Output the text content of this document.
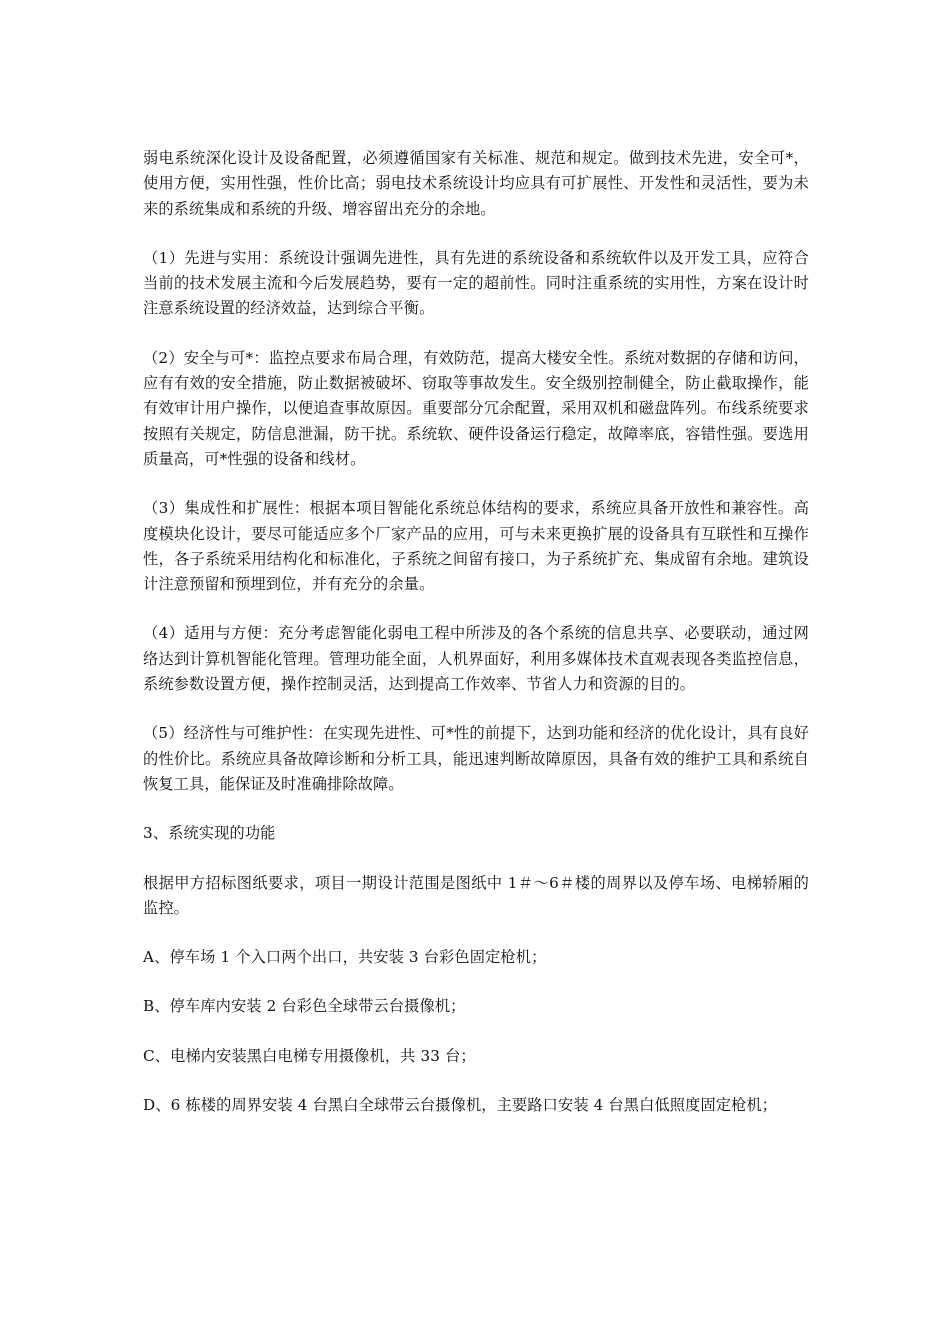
弱电系统深化设计及设备配置，必须遵循国家有关标准、规范和规定。做到技术先进，安全可*，使用方便，实用性强，性价比高；弱电技术系统设计均应具有可扩展性、开发性和灵活性，要为未来的系统集成和系统的升级、增容留出充分的余地。

（1）先进与实用：系统设计强调先进性，具有先进的系统设备和系统软件以及开发工具，应符合当前的技术发展主流和今后发展趋势，要有一定的超前性。同时注重系统的实用性，方案在设计时注意系统设置的经济效益，达到综合平衡。

（2）安全与可*：监控点要求布局合理，有效防范，提高大楼安全性。系统对数据的存储和访问，应有有效的安全措施，防止数据被破坏、窃取等事故发生。安全级别控制健全，防止截取操作，能有效审计用户操作，以便追查事故原因。重要部分冗余配置，采用双机和磁盘阵列。布线系统要求按照有关规定，防信息泄漏，防干扰。系统软、硬件设备运行稳定，故障率底，容错性强。要选用质量高，可*性强的设备和线材。

（3）集成性和扩展性：根据本项目智能化系统总体结构的要求，系统应具备开放性和兼容性。高度模块化设计，要尽可能适应多个厂家产品的应用，可与未来更换扩展的设备具有互联性和互操作性，各子系统采用结构化和标准化，子系统之间留有接口，为子系统扩充、集成留有余地。建筑设计注意预留和预埋到位，并有充分的余量。

（4）适用与方便：充分考虑智能化弱电工程中所涉及的各个系统的信息共享、必要联动，通过网络达到计算机智能化管理。管理功能全面，人机界面好，利用多媒体技术直观表现各类监控信息，系统参数设置方便，操作控制灵活，达到提高工作效率、节省人力和资源的目的。

（5）经济性与可维护性：在实现先进性、可*性的前提下，达到功能和经济的优化设计，具有良好的性价比。系统应具备故障诊断和分析工具，能迅速判断故障原因，具备有效的维护工具和系统自恢复工具，能保证及时准确排除故障。

3、系统实现的功能

根据甲方招标图纸要求，项目一期设计范围是图纸中 1＃～6＃楼的周界以及停车场、电梯轿厢的监控。

A、停车场 1 个入口两个出口，共安装 3 台彩色固定枪机；

B、停车库内安装 2 台彩色全球带云台摄像机；

C、电梯内安装黑白电梯专用摄像机，共 33 台；

D、6 栋楼的周界安装 4 台黑白全球带云台摄像机，主要路口安装 4 台黑白低照度固定枪机；
